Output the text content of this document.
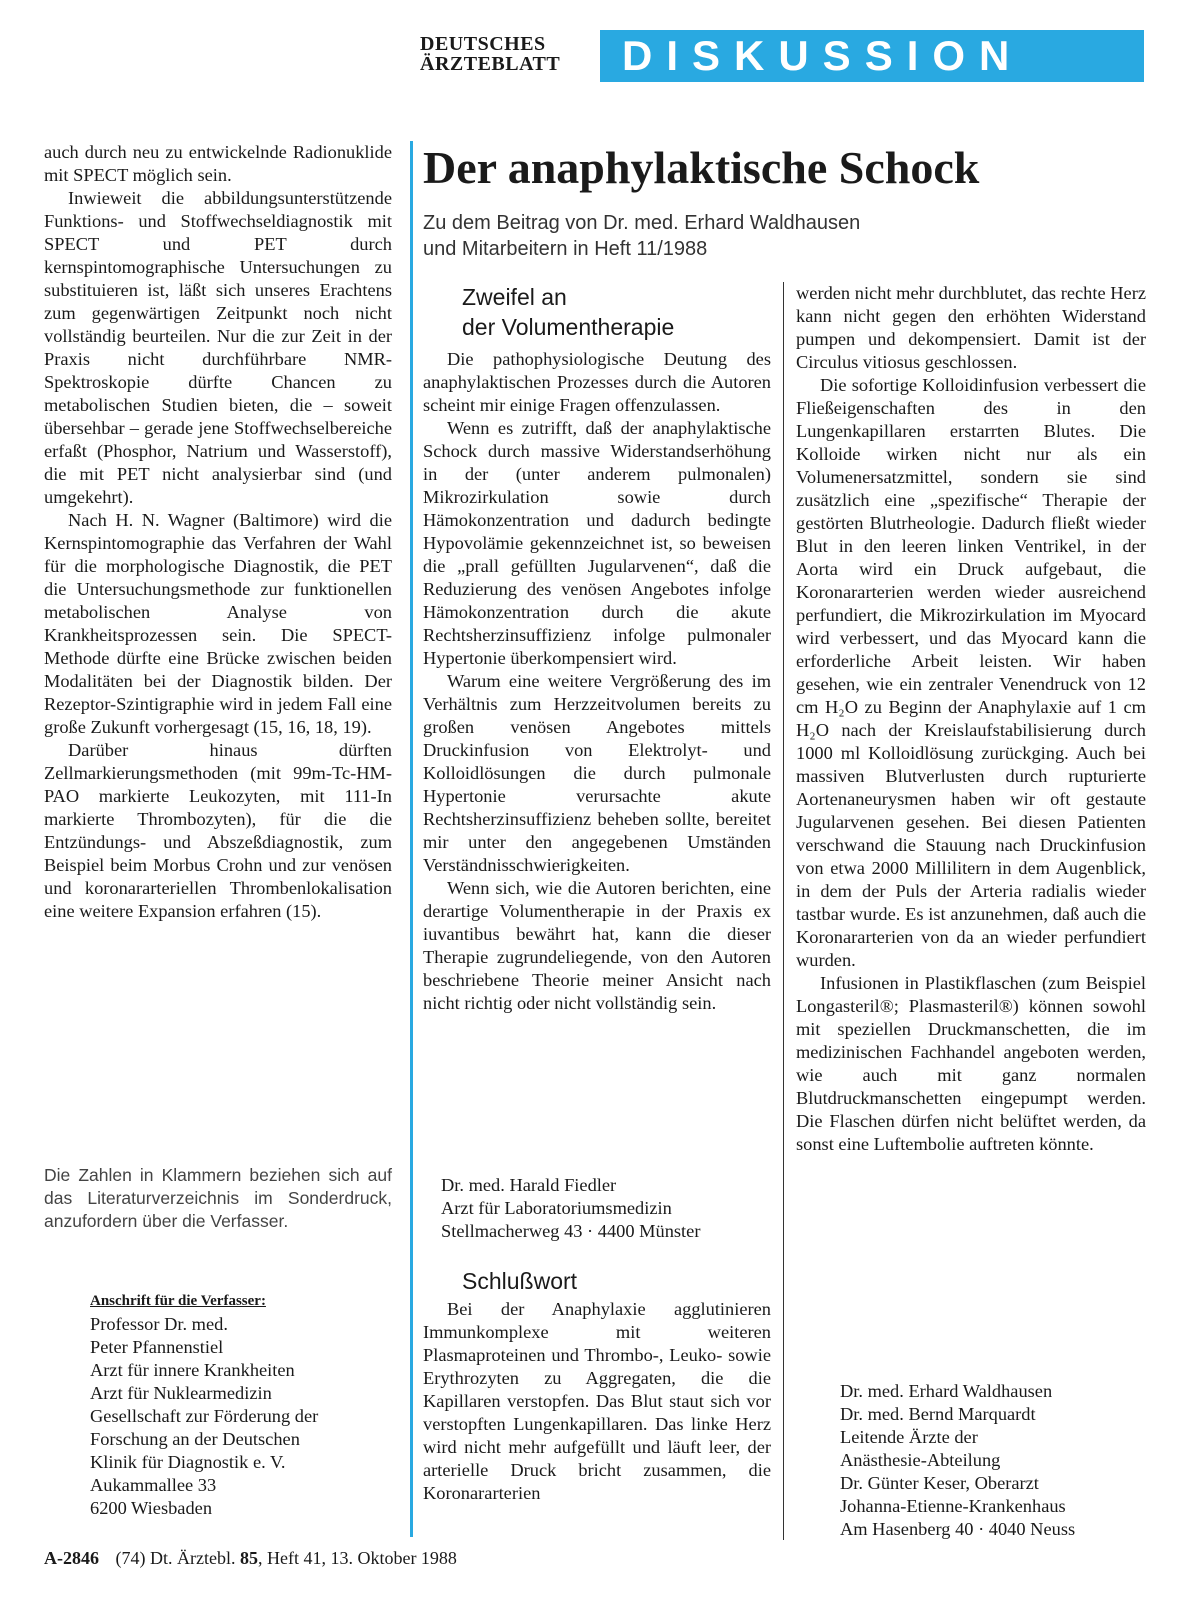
DEUTSCHES
ÄRZTEBLATT	DISKUSSION

auch durch neu zu entwickelnde Radionuklide mit SPECT möglich sein.

Inwieweit die abbildungsunterstützende Funktions- und Stoffwechseldiagnostik mit SPECT und PET durch kernspintomographische Untersuchungen zu substituieren ist, läßt sich unseres Erachtens zum gegenwärtigen Zeitpunkt noch nicht vollständig beurteilen. Nur die zur Zeit in der Praxis nicht durchführbare NMR-Spektroskopie dürfte Chancen zu metabolischen Studien bieten, die – soweit übersehbar – gerade jene Stoffwechselbereiche erfaßt (Phosphor, Natrium und Wasserstoff), die mit PET nicht analysierbar sind (und umgekehrt).

Nach H. N. Wagner (Baltimore) wird die Kernspintomographie das Verfahren der Wahl für die morphologische Diagnostik, die PET die Untersuchungsmethode zur funktionellen metabolischen Analyse von Krankheitsprozessen sein. Die SPECT-Methode dürfte eine Brücke zwischen beiden Modalitäten bei der Diagnostik bilden. Der Rezeptor-Szintigraphie wird in jedem Fall eine große Zukunft vorhergesagt (15, 16, 18, 19).

Darüber hinaus dürften Zellmarkierungsmethoden (mit 99m-Tc-HM-PAO markierte Leukozyten, mit 111-In markierte Thrombozyten), für die die Entzündungs- und Abszeßdiagnostik, zum Beispiel beim Morbus Crohn und zur venösen und koronararteriellen Thrombenlokalisation eine weitere Expansion erfahren (15).

Die Zahlen in Klammern beziehen sich auf das Literaturverzeichnis im Sonderdruck, anzufordern über die Verfasser.
Anschrift für die Verfasser:
Professor Dr. med.
Peter Pfannenstiel
Arzt für innere Krankheiten
Arzt für Nuklearmedizin
Gesellschaft zur Förderung der
Forschung an der Deutschen
Klinik für Diagnostik e. V.
Aukammallee 33
6200 Wiesbaden
Der anaphylaktische Schock
Zu dem Beitrag von Dr. med. Erhard Waldhausen
und Mitarbeitern in Heft 11/1988
Zweifel an
der Volumentherapie

Die pathophysiologische Deutung des anaphylaktischen Prozesses durch die Autoren scheint mir einige Fragen offenzulassen.

Wenn es zutrifft, daß der anaphylaktische Schock durch massive Widerstandserhöhung in der (unter anderem pulmonalen) Mikrozirkulation sowie durch Hämokonzentration und dadurch bedingte Hypovolämie gekennzeichnet ist, so beweisen die „prall gefüllten Jugularvenen“, daß die Reduzierung des venösen Angebotes infolge Hämokonzentration durch die akute Rechtsherzinsuffizienz infolge pulmonaler Hypertonie überkompensiert wird.

Warum eine weitere Vergrößerung des im Verhältnis zum Herzzeitvolumen bereits zu großen venösen Angebotes mittels Druckinfusion von Elektrolyt- und Kolloidlösungen die durch pulmonale Hypertonie verursachte akute Rechtsherzinsuffizienz beheben sollte, bereitet mir unter den angegebenen Umständen Verständnisschwierigkeiten.

Wenn sich, wie die Autoren berichten, eine derartige Volumentherapie in der Praxis ex iuvantibus bewährt hat, kann die dieser Therapie zugrundeliegende, von den Autoren beschriebene Theorie meiner Ansicht nach nicht richtig oder nicht vollständig sein.

Dr. med. Harald Fiedler
Arzt für Laboratoriumsmedizin
Stellmacherweg 43 · 4400 Münster
Schlußwort

Bei der Anaphylaxie agglutinieren Immunkomplexe mit weiteren Plasmaproteinen und Thrombo-, Leuko- sowie Erythrozyten zu Aggregaten, die die Kapillaren verstopfen. Das Blut staut sich vor verstopften Lungenkapillaren. Das linke Herz wird nicht mehr aufgefüllt und läuft leer, der arterielle Druck bricht zusammen, die Koronararterien

werden nicht mehr durchblutet, das rechte Herz kann nicht gegen den erhöhten Widerstand pumpen und dekompensiert. Damit ist der Circulus vitiosus geschlossen.

Die sofortige Kolloidinfusion verbessert die Fließeigenschaften des in den Lungenkapillaren erstarrten Blutes. Die Kolloide wirken nicht nur als ein Volumenersatzmittel, sondern sie sind zusätzlich eine „spezifische“ Therapie der gestörten Blutrheologie. Dadurch fließt wieder Blut in den leeren linken Ventrikel, in der Aorta wird ein Druck aufgebaut, die Koronararterien werden wieder ausreichend perfundiert, die Mikrozirkulation im Myocard wird verbessert, und das Myocard kann die erforderliche Arbeit leisten. Wir haben gesehen, wie ein zentraler Venendruck von 12 cm H₂O zu Beginn der Anaphylaxie auf 1 cm H₂O nach der Kreislaufstabilisierung durch 1000 ml Kolloidlösung zurückging. Auch bei massiven Blutverlusten durch rupturierte Aortenaneurysmen haben wir oft gestaute Jugularvenen gesehen. Bei diesen Patienten verschwand die Stauung nach Druckinfusion von etwa 2000 Millilitern in dem Augenblick, in dem der Puls der Arteria radialis wieder tastbar wurde. Es ist anzunehmen, daß auch die Koronararterien von da an wieder perfundiert wurden.

Infusionen in Plastikflaschen (zum Beispiel Longasteril®; Plasmasteril®) können sowohl mit speziellen Druckmanschetten, die im medizinischen Fachhandel angeboten werden, wie auch mit ganz normalen Blutdruckmanschetten eingepumpt werden. Die Flaschen dürfen nicht belüftet werden, da sonst eine Luftembolie auftreten könnte.

Dr. med. Erhard Waldhausen
Dr. med. Bernd Marquardt
Leitende Ärzte der
Anästhesie-Abteilung
Dr. Günter Keser, Oberarzt
Johanna-Etienne-Krankenhaus
Am Hasenberg 40 · 4040 Neuss
A-2846 (74) Dt. Ärztebl. 85, Heft 41, 13. Oktober 1988
